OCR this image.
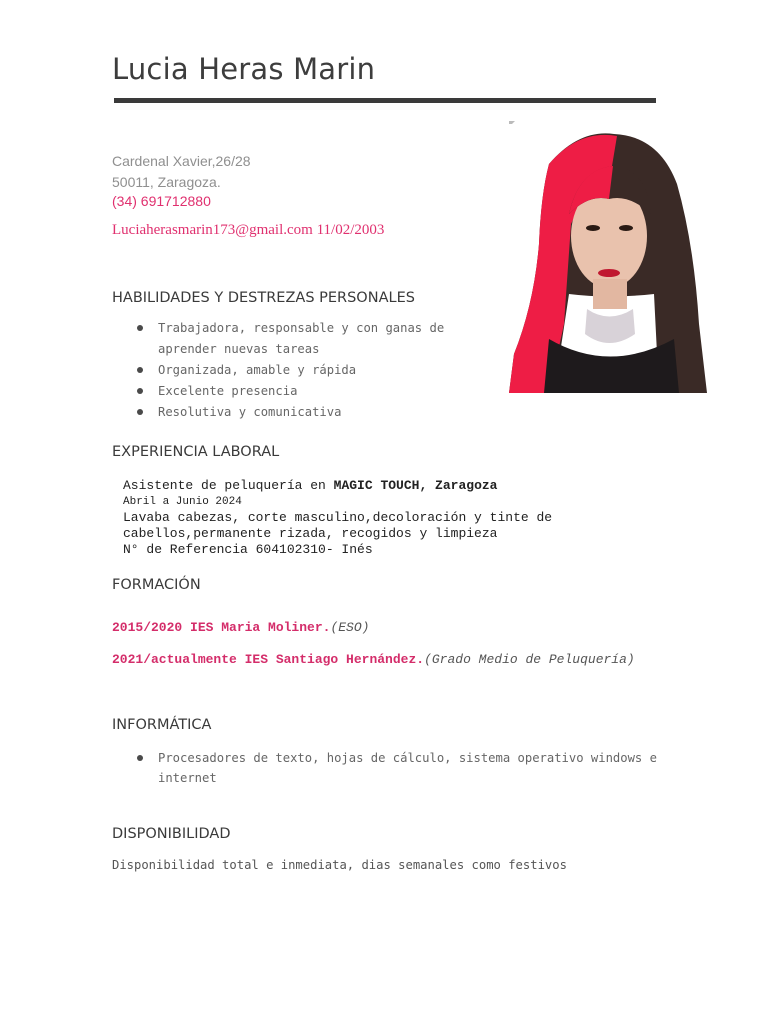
Lucia Heras Marin
Cardenal Xavier,26/28
50011, Zaragoza.
(34) 691712880
Luciaherasmarin173@gmail.com 11/02/2003
HABILIDADES Y DESTREZAS PERSONALES
Trabajadora, responsable y con ganas de aprender nuevas tareas
Organizada, amable y rápida
Excelente presencia
Resolutiva y comunicativa
EXPERIENCIA LABORAL
Asistente de peluquería en MAGIC TOUCH, Zaragoza
Abril a Junio 2024
Lavaba cabezas, corte masculino,decoloración y tinte de
cabellos,permanente rizada, recogidos y limpieza
N° de Referencia 604102310- Inés
FORMACIÓN
2015/2020 IES Maria Moliner.(ESO)
2021/actualmente IES Santiago Hernández.(Grado Medio de Peluquería)
INFORMÁTICA
Procesadores de texto, hojas de cálculo, sistema operativo windows e internet
DISPONIBILIDAD
Disponibilidad total e inmediata, dias semanales como festivos
